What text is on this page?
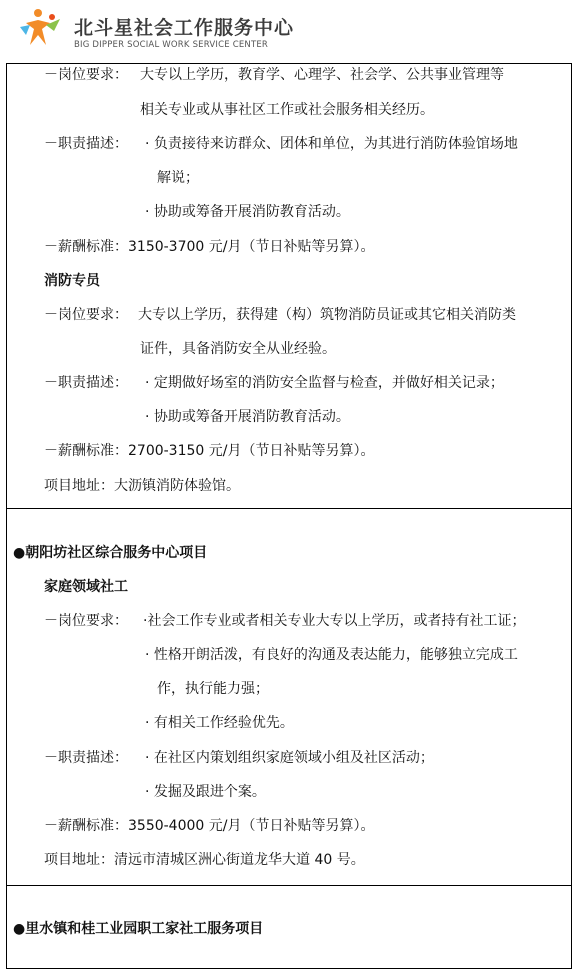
北斗星社会工作服务中心
BIG DIPPER SOCIAL WORK SERVICE CENTER
－岗位要求： 大专以上学历，教育学、心理学、社会学、公共事业管理等
相关专业或从事社区工作或社会服务相关经历。
－职责描述： · 负责接待来访群众、团体和单位，为其进行消防体验馆场地
解说；
· 协助或筹备开展消防教育活动。
－薪酬标准：3150-3700 元/月（节日补贴等另算）。
消防专员
－岗位要求： 大专以上学历，获得建（构）筑物消防员证或其它相关消防类
证件，具备消防安全从业经验。
－职责描述： · 定期做好场室的消防安全监督与检查，并做好相关记录；
· 协助或筹备开展消防教育活动。
－薪酬标准：2700-3150 元/月（节日补贴等另算）。
项目地址：大沥镇消防体验馆。
●朝阳坊社区综合服务中心项目
家庭领域社工
－岗位要求： ·社会工作专业或者相关专业大专以上学历，或者持有社工证；
· 性格开朗活泼，有良好的沟通及表达能力，能够独立完成工
作，执行能力强；
· 有相关工作经验优先。
－职责描述： · 在社区内策划组织家庭领域小组及社区活动；
· 发掘及跟进个案。
－薪酬标准：3550-4000 元/月（节日补贴等另算）。
项目地址：清远市清城区洲心街道龙华大道 40 号。
●里水镇和桂工业园职工家社工服务项目
